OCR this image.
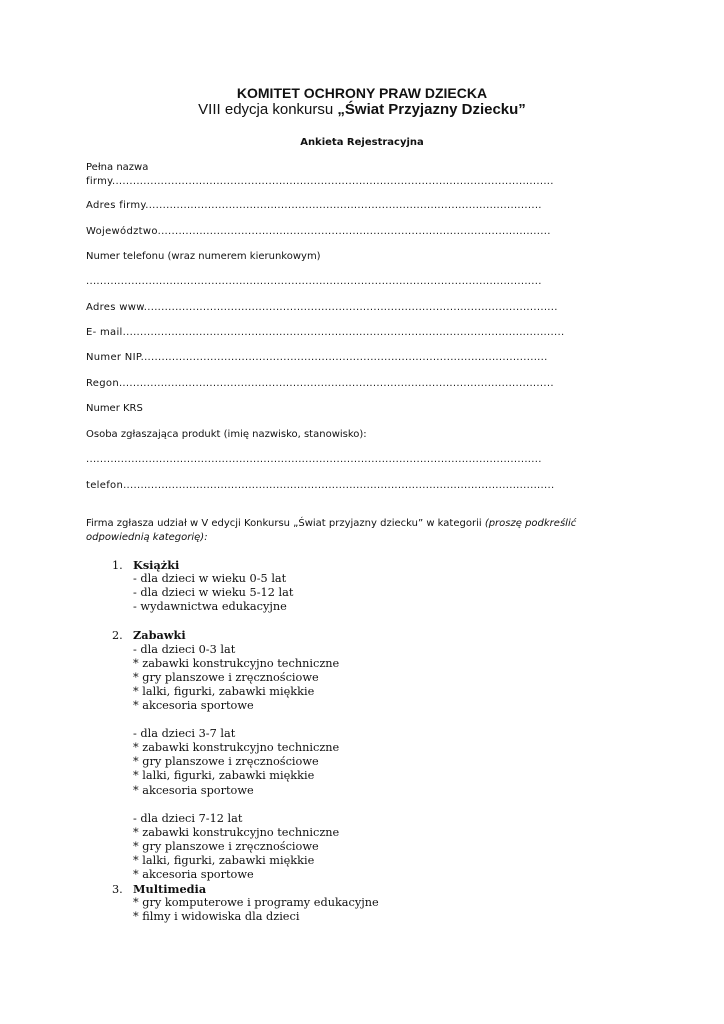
KOMITET OCHRONY PRAW DZIECKA
VIII edycja konkursu „Świat Przyjazny Dziecku”
Ankieta Rejestracyjna
Pełna nazwa
firmy...............................................................................................................................
Adres firmy..................................................................................................................
Województwo.................................................................................................................
Numer telefonu (wraz numerem kierunkowym)
...................................................................................................................................
Adres www.......................................................................................................................
E- mail...............................................................................................................................
Numer NIP.....................................................................................................................
Regon.............................................................................................................................
Numer KRS
Osoba zgłaszająca produkt (imię nazwisko, stanowisko):
...................................................................................................................................
telefon............................................................................................................................
Firma zgłasza udział w V edycji Konkursu „Świat przyjazny dziecku” w kategorii (proszę podkreślić odpowiednią kategorię):
1. Książki
- dla dzieci w wieku 0-5 lat
- dla dzieci w wieku 5-12 lat
- wydawnictwa edukacyjne
2. Zabawki
- dla dzieci 0-3 lat
* zabawki konstrukcyjno techniczne
* gry planszowe i zręcznościowe
* lalki, figurki, zabawki miękkie
* akcesoria sportowe
- dla dzieci 3-7 lat
* zabawki konstrukcyjno techniczne
* gry planszowe i zręcznościowe
* lalki, figurki, zabawki miękkie
* akcesoria sportowe
- dla dzieci 7-12 lat
* zabawki konstrukcyjno techniczne
* gry planszowe i zręcznościowe
* lalki, figurki, zabawki miękkie
* akcesoria sportowe
3. Multimedia
* gry komputerowe i programy edukacyjne
* filmy i widowiska dla dzieci
